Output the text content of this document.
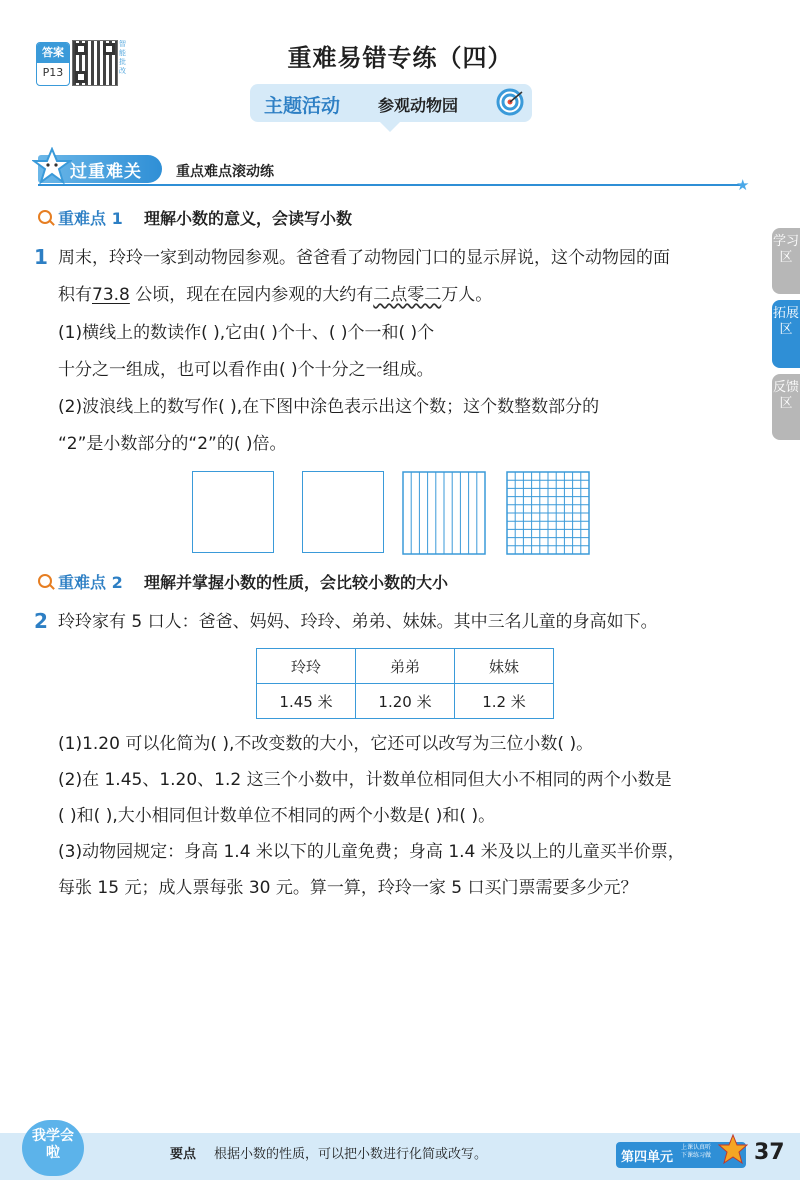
答案
P13
智能批改	重难易错专练（四）
主题活动 参观动物园
过重难关 重点难点滚动练
★
重难点 1 理解小数的意义，会读写小数
1 周末，玲玲一家到动物园参观。爸爸看了动物园门口的显示屏说，这个动物园的面
积有73.8 公顷，现在在园内参观的大约有二点零二万人。
(1)横线上的数读作( ),它由( )个十、( )个一和( )个
十分之一组成，也可以看作由( )个十分之一组成。
(2)波浪线上的数写作( ),在下图中涂色表示出这个数；这个数整数部分的
“2”是小数部分的“2”的( )倍。
重难点 2 理解并掌握小数的性质，会比较小数的大小
2 玲玲家有 5 口人：爸爸、妈妈、玲玲、弟弟、妹妹。其中三名儿童的身高如下。
玲玲	弟弟	妹妹
1.45 米	1.20 米	1.2 米
(1)1.20 可以化简为( ),不改变数的大小，它还可以改写为三位小数( )。
(2)在 1.45、1.20、1.2 这三个小数中，计数单位相同但大小不相同的两个小数是
( )和( ),大小相同但计数单位不相同的两个小数是( )和( )。
(3)动物园规定：身高 1.4 米以下的儿童免费；身高 1.4 米及以上的儿童买半价票，
每张 15 元；成人票每张 30 元。算一算，玲玲一家 5 口买门票需要多少元？
学习区
拓展区
反馈区
我学会啦	要点 根据小数的性质，可以把小数进行化简或改写。	第四单元
上课认真听 下课练习做 37
